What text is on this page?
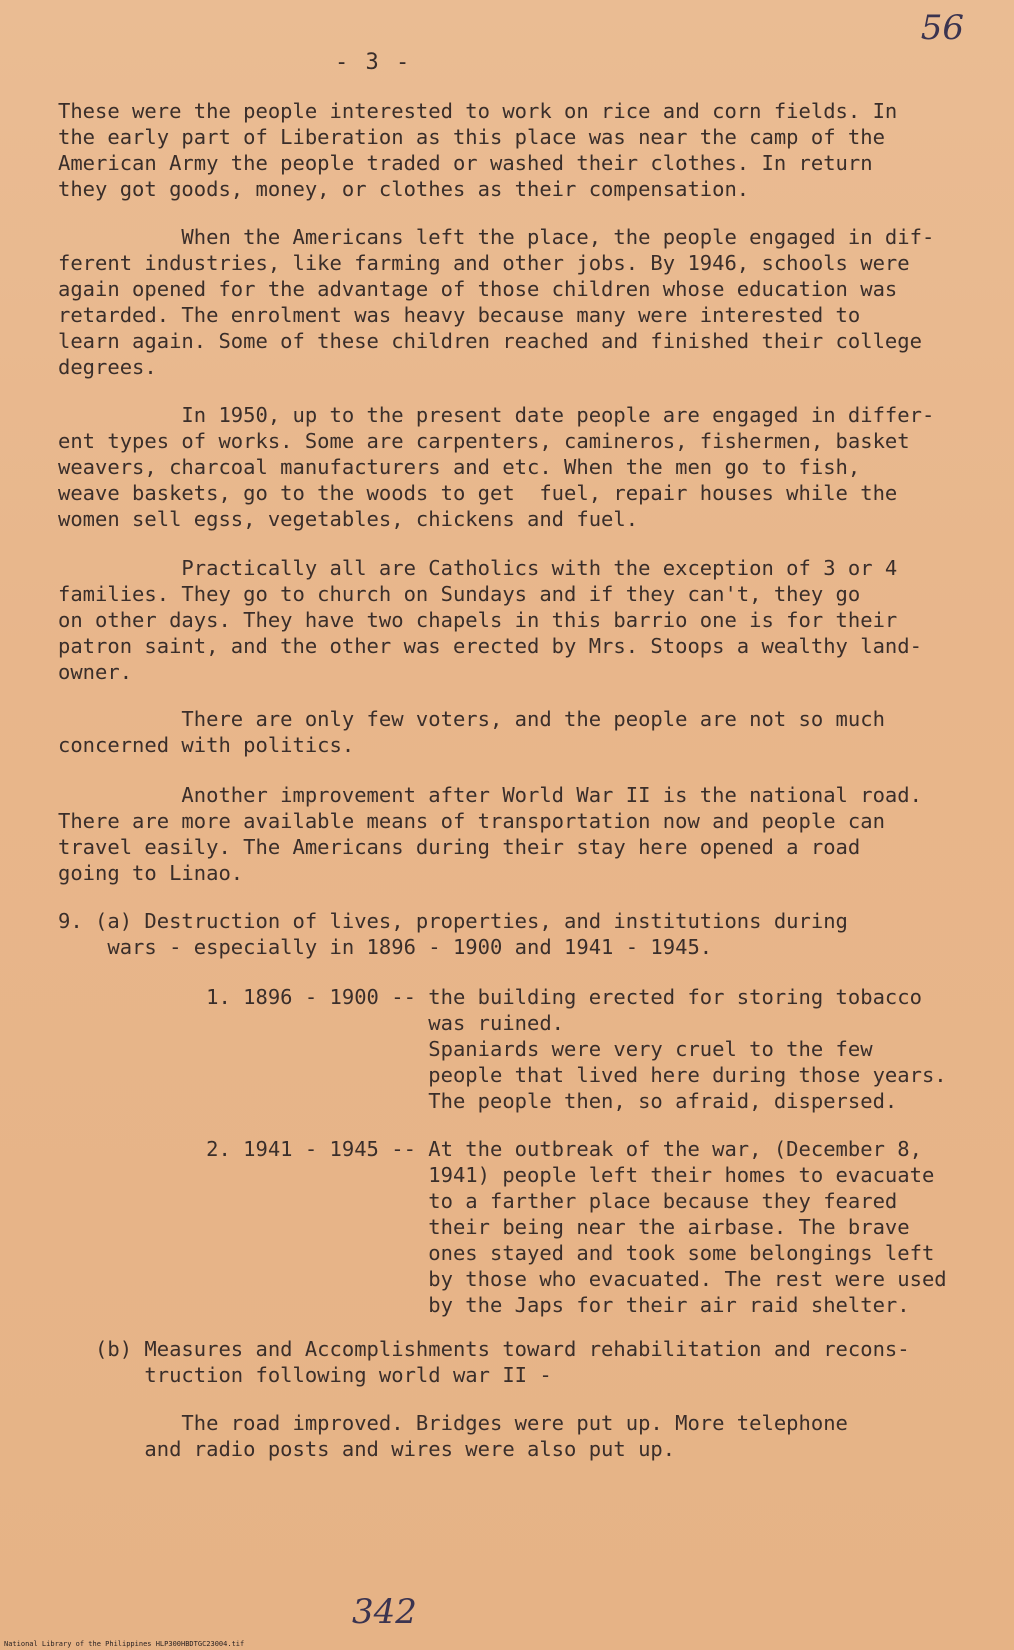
56
- 3 -
These were the people interested to work on rice and corn fields. In
the early part of Liberation as this place was near the camp of the
American Army the people traded or washed their clothes. In return
they got goods, money, or clothes as their compensation.
When the Americans left the place, the people engaged in dif-
ferent industries, like farming and other jobs. By 1946, schools were
again opened for the advantage of those children whose education was
retarded. The enrolment was heavy because many were interested to
learn again. Some of these children reached and finished their college
degrees.
In 1950, up to the present date people are engaged in differ-
ent types of works. Some are carpenters, camineros, fishermen, basket
weavers, charcoal manufacturers and etc. When the men go to fish,
weave baskets, go to the woods to get  fuel, repair houses while the
women sell egss, vegetables, chickens and fuel.
Practically all are Catholics with the exception of 3 or 4
families. They go to church on Sundays and if they can't, they go
on other days. They have two chapels in this barrio one is for their
patron saint, and the other was erected by Mrs. Stoops a wealthy land-
owner.
There are only few voters, and the people are not so much
concerned with politics.
Another improvement after World War II is the national road.
There are more available means of transportation now and people can
travel easily. The Americans during their stay here opened a road
going to Linao.
9. (a) Destruction of lives, properties, and institutions during
wars - especially in 1896 - 1900 and 1941 - 1945.
1. 1896 - 1900 -- the building erected for storing tobacco
was ruined.
Spaniards were very cruel to the few
people that lived here during those years.
The people then, so afraid, dispersed.
2. 1941 - 1945 -- At the outbreak of the war, (December 8,
1941) people left their homes to evacuate
to a farther place because they feared
their being near the airbase. The brave
ones stayed and took some belongings left
by those who evacuated. The rest were used
by the Japs for their air raid shelter.
(b) Measures and Accomplishments toward rehabilitation and recons-
truction following world war II -
The road improved. Bridges were put up. More telephone
and radio posts and wires were also put up.
342
National Library of the Philippines HLP300HBDTGC23004.tif
